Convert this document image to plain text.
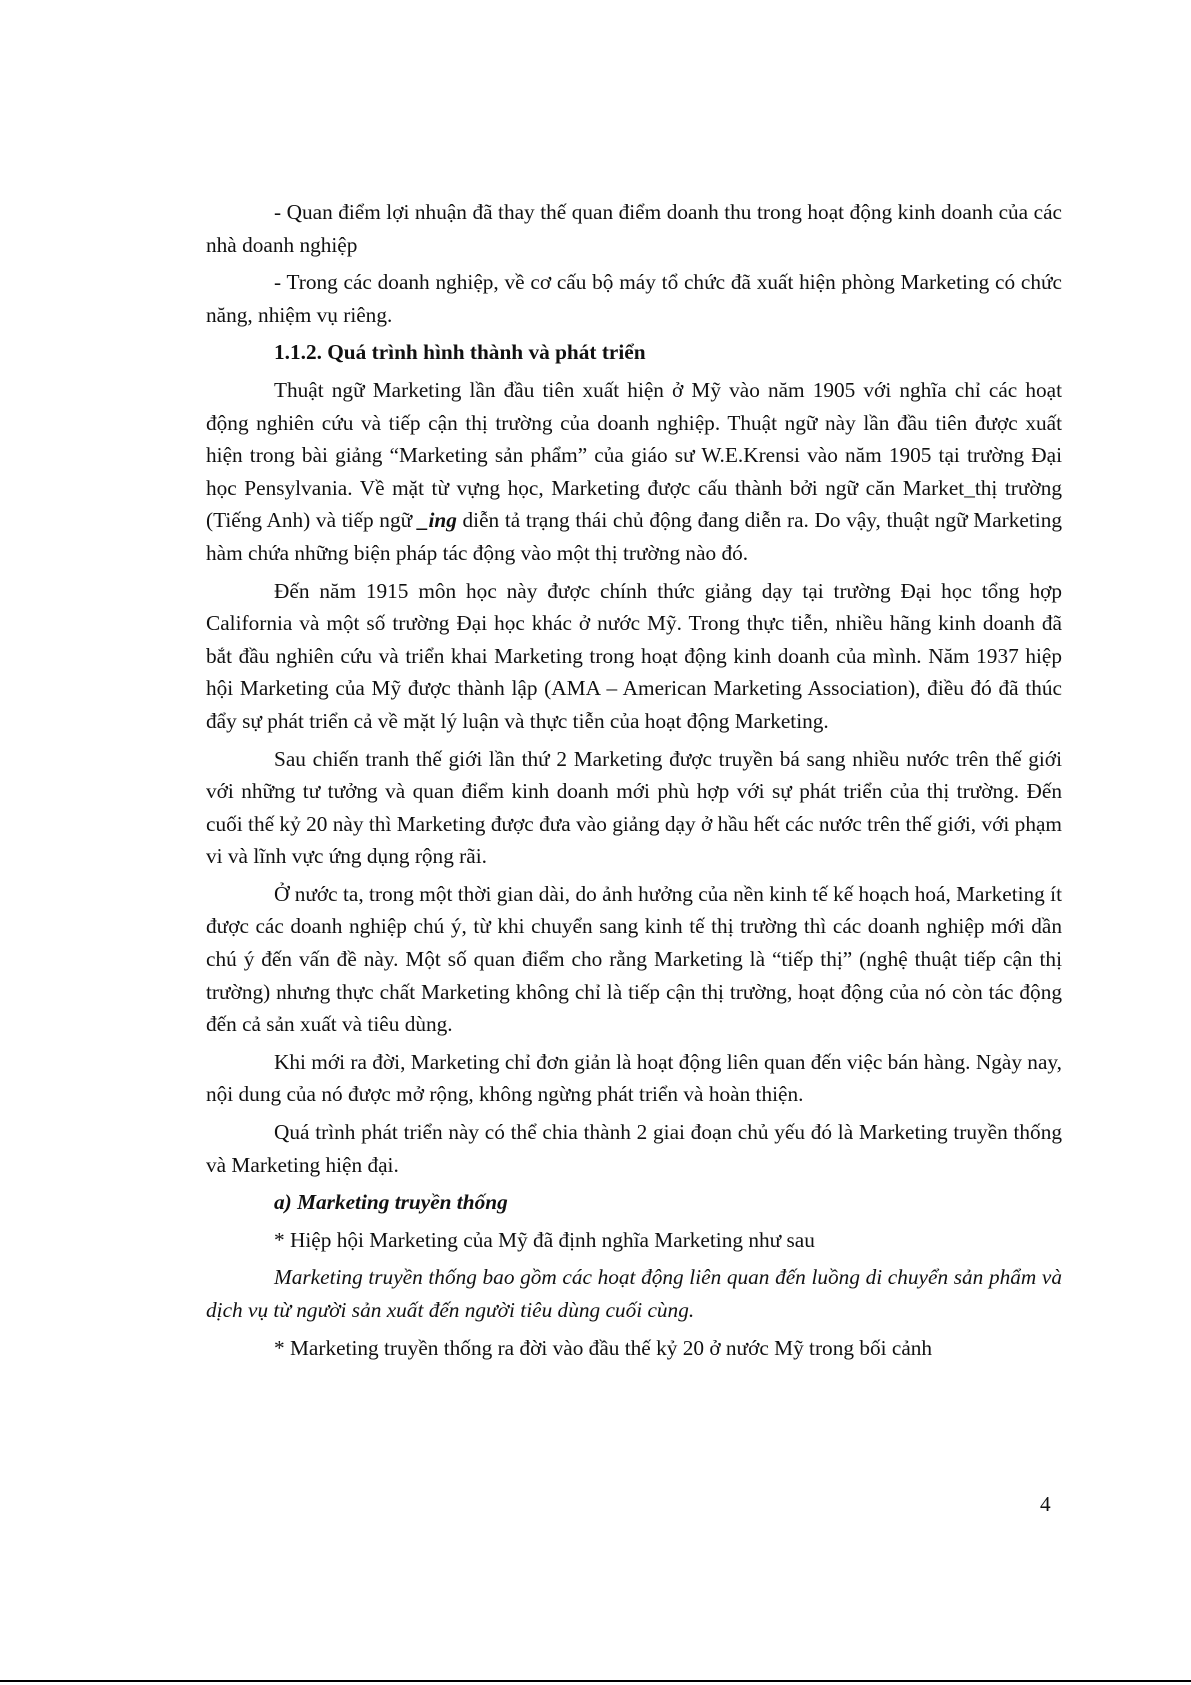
- Quan điểm lợi nhuận đã thay thế quan điểm doanh thu trong hoạt động kinh doanh của các nhà doanh nghiệp

- Trong các doanh nghiệp, về cơ cấu bộ máy tổ chức đã xuất hiện phòng Marketing có chức năng, nhiệm vụ riêng.

1.1.2. Quá trình hình thành và phát triển

Thuật ngữ Marketing lần đầu tiên xuất hiện ở Mỹ vào năm 1905 với nghĩa chỉ các hoạt động nghiên cứu và tiếp cận thị trường của doanh nghiệp. Thuật ngữ này lần đầu tiên được xuất hiện trong bài giảng “Marketing sản phẩm” của giáo sư W.E.Krensi vào năm 1905 tại trường Đại học Pensylvania. Về mặt từ vựng học, Marketing được cấu thành bởi ngữ căn Market_thị trường (Tiếng Anh) và tiếp ngữ _ing diễn tả trạng thái chủ động đang diễn ra. Do vậy, thuật ngữ Marketing hàm chứa những biện pháp tác động vào một thị trường nào đó.

Đến năm 1915 môn học này được chính thức giảng dạy tại trường Đại học tổng hợp California và một số trường Đại học khác ở nước Mỹ. Trong thực tiễn, nhiều hãng kinh doanh đã bắt đầu nghiên cứu và triển khai Marketing trong hoạt động kinh doanh của mình. Năm 1937 hiệp hội Marketing của Mỹ được thành lập (AMA – American Marketing Association), điều đó đã thúc đẩy sự phát triển cả về mặt lý luận và thực tiễn của hoạt động Marketing.

Sau chiến tranh thế giới lần thứ 2 Marketing được truyền bá sang nhiều nước trên thế giới với những tư tưởng và quan điểm kinh doanh mới phù hợp với sự phát triển của thị trường. Đến cuối thế kỷ 20 này thì Marketing được đưa vào giảng dạy ở hầu hết các nước trên thế giới, với phạm vi và lĩnh vực ứng dụng rộng rãi.

Ở nước ta, trong một thời gian dài, do ảnh hưởng của nền kinh tế kế hoạch hoá, Marketing ít được các doanh nghiệp chú ý, từ khi chuyển sang kinh tế thị trường thì các doanh nghiệp mới dần chú ý đến vấn đề này. Một số quan điểm cho rằng Marketing là “tiếp thị” (nghệ thuật tiếp cận thị trường) nhưng thực chất Marketing không chỉ là tiếp cận thị trường, hoạt động của nó còn tác động đến cả sản xuất và tiêu dùng.

Khi mới ra đời, Marketing chỉ đơn giản là hoạt động liên quan đến việc bán hàng. Ngày nay, nội dung của nó được mở rộng, không ngừng phát triển và hoàn thiện.

Quá trình phát triển này có thể chia thành 2 giai đoạn chủ yếu đó là Marketing truyền thống và Marketing hiện đại.

a) Marketing truyền thống

* Hiệp hội Marketing của Mỹ đã định nghĩa Marketing như sau

Marketing truyền thống bao gồm các hoạt động liên quan đến luồng di chuyển sản phẩm và dịch vụ từ người sản xuất đến người tiêu dùng cuối cùng.

* Marketing truyền thống ra đời vào đầu thế kỷ 20 ở nước Mỹ trong bối cảnh

4
